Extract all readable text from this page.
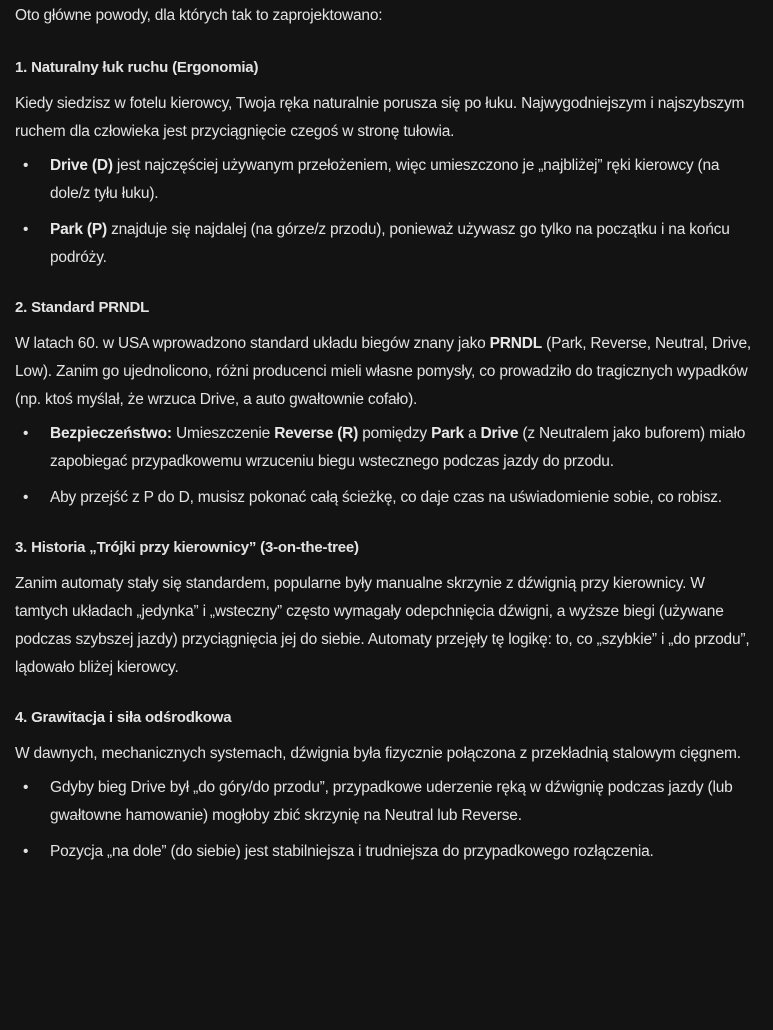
Oto główne powody, dla których tak to zaprojektowano:

1. Naturalny łuk ruchu (Ergonomia)

Kiedy siedzisz w fotelu kierowcy, Twoja ręka naturalnie porusza się po łuku. Najwygodniejszym i najszybszym ruchem dla człowieka jest przyciągnięcie czegoś w stronę tułowia.

•	Drive (D) jest najczęściej używanym przełożeniem, więc umieszczono je „najbliżej” ręki kierowcy (na dole/z tyłu łuku).
•	Park (P) znajduje się najdalej (na górze/z przodu), ponieważ używasz go tylko na początku i na końcu podróży.
2. Standard PRNDL

W latach 60. w USA wprowadzono standard układu biegów znany jako PRNDL (Park, Reverse, Neutral, Drive, Low). Zanim go ujednolicono, różni producenci mieli własne pomysły, co prowadziło do tragicznych wypadków (np. ktoś myślał, że wrzuca Drive, a auto gwałtownie cofało).

•	Bezpieczeństwo: Umieszczenie Reverse (R) pomiędzy Park a Drive (z Neutralem jako buforem) miało zapobiegać przypadkowemu wrzuceniu biegu wstecznego podczas jazdy do przodu.
•	Aby przejść z P do D, musisz pokonać całą ścieżkę, co daje czas na uświadomienie sobie, co robisz.
3. Historia „Trójki przy kierownicy” (3-on-the-tree)

Zanim automaty stały się standardem, popularne były manualne skrzynie z dźwignią przy kierownicy. W tamtych układach „jedynka” i „wsteczny” często wymagały odepchnięcia dźwigni, a wyższe biegi (używane podczas szybszej jazdy) przyciągnięcia jej do siebie. Automaty przejęły tę logikę: to, co „szybkie” i „do przodu”, lądowało bliżej kierowcy.

4. Grawitacja i siła odśrodkowa

W dawnych, mechanicznych systemach, dźwignia była fizycznie połączona z przekładnią stalowym cięgnem.

•	Gdyby bieg Drive był „do góry/do przodu”, przypadkowe uderzenie ręką w dźwignię podczas jazdy (lub gwałtowne hamowanie) mogłoby zbić skrzynię na Neutral lub Reverse.
•	Pozycja „na dole” (do siebie) jest stabilniejsza i trudniejsza do przypadkowego rozłączenia.
